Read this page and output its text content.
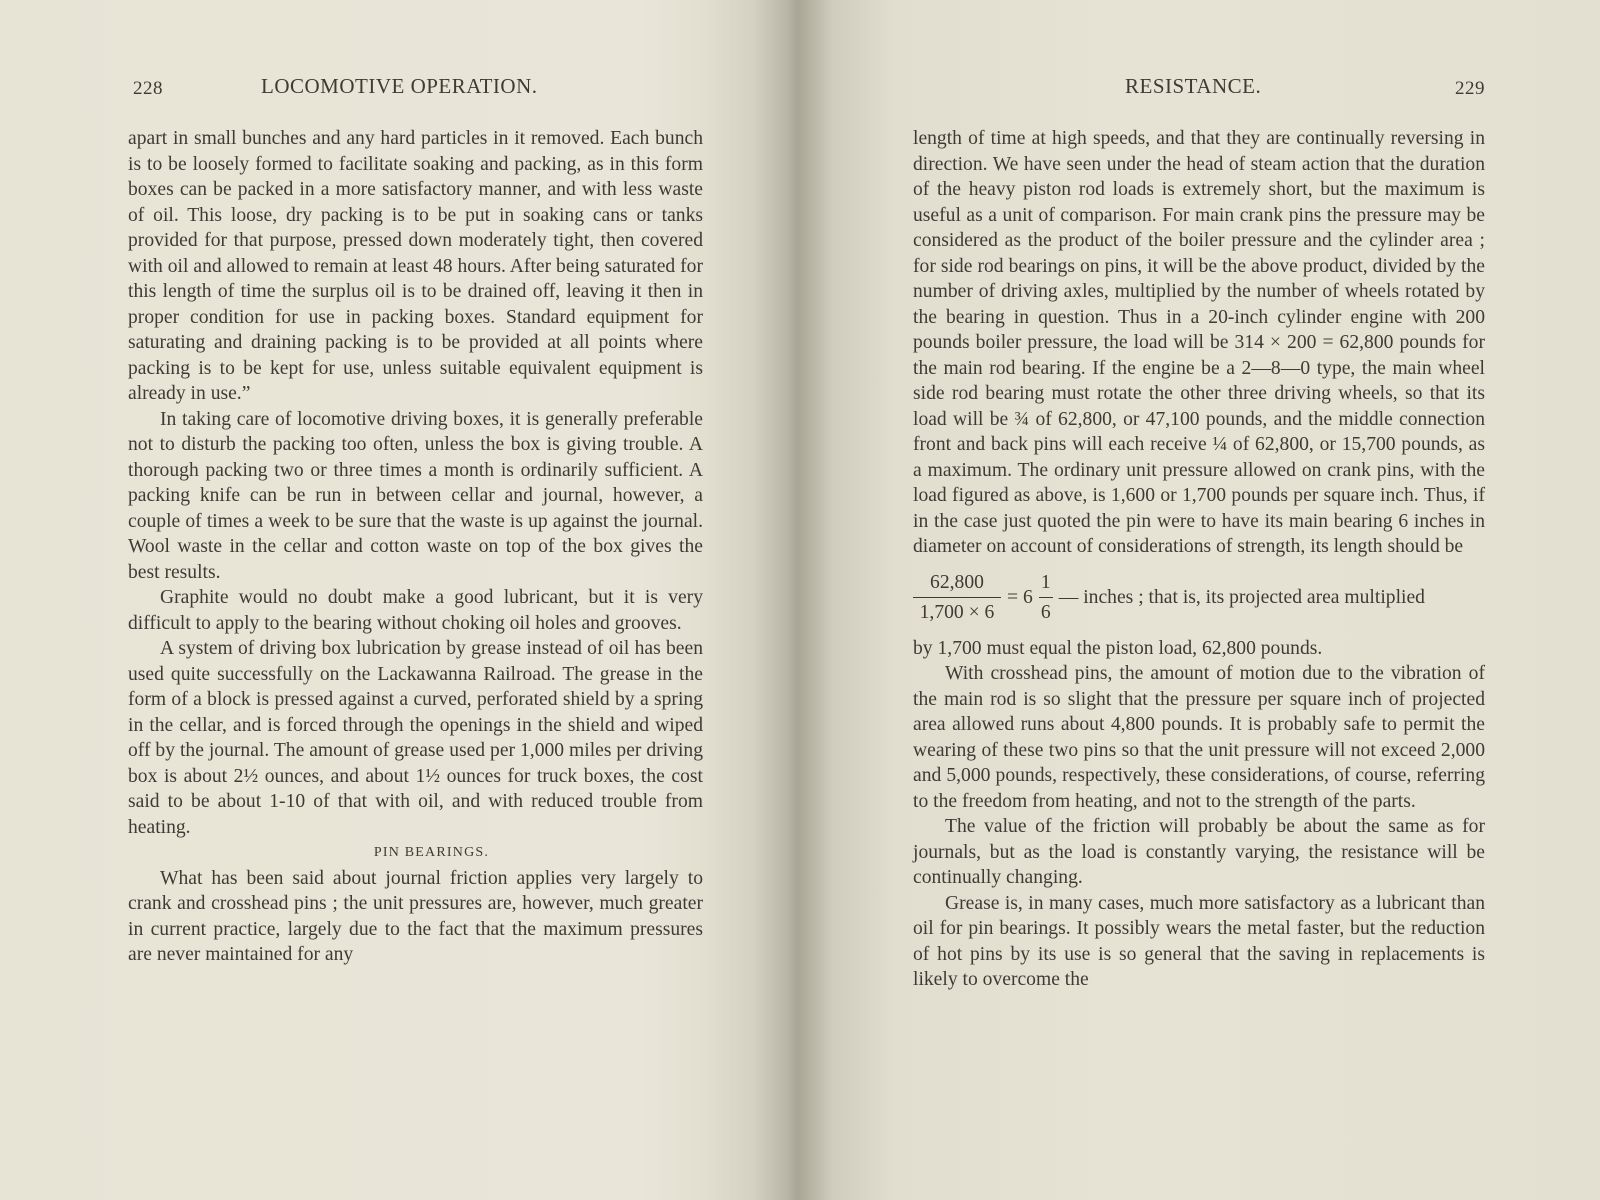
228	LOCOMOTIVE OPERATION.

apart in small bunches and any hard particles in it removed. Each bunch is to be loosely formed to facilitate soaking and packing, as in this form boxes can be packed in a more satisfactory manner, and with less waste of oil. This loose, dry packing is to be put in soaking cans or tanks provided for that purpose, pressed down moderately tight, then covered with oil and allowed to remain at least 48 hours. After being saturated for this length of time the surplus oil is to be drained off, leaving it then in proper condition for use in packing boxes. Standard equipment for saturating and draining packing is to be provided at all points where packing is to be kept for use, unless suitable equivalent equipment is already in use.”

In taking care of locomotive driving boxes, it is generally preferable not to disturb the packing too often, unless the box is giving trouble. A thorough packing two or three times a month is ordinarily sufficient. A packing knife can be run in between cellar and journal, however, a couple of times a week to be sure that the waste is up against the journal. Wool waste in the cellar and cotton waste on top of the box gives the best results.

Graphite would no doubt make a good lubricant, but it is very difficult to apply to the bearing without choking oil holes and grooves.

A system of driving box lubrication by grease instead of oil has been used quite successfully on the Lackawanna Railroad. The grease in the form of a block is pressed against a curved, perforated shield by a spring in the cellar, and is forced through the openings in the shield and wiped off by the journal. The amount of grease used per 1,000 miles per driving box is about 2½ ounces, and about 1½ ounces for truck boxes, the cost said to be about 1-10 of that with oil, and with reduced trouble from heating.

PIN BEARINGS.

What has been said about journal friction applies very largely to crank and crosshead pins ; the unit pressures are, however, much greater in current practice, largely due to the fact that the maximum pressures are never maintained for any

RESISTANCE.	229

length of time at high speeds, and that they are continually reversing in direction. We have seen under the head of steam action that the duration of the heavy piston rod loads is extremely short, but the maximum is useful as a unit of comparison. For main crank pins the pressure may be considered as the product of the boiler pressure and the cylinder area ; for side rod bearings on pins, it will be the above product, divided by the number of driving axles, multiplied by the number of wheels rotated by the bearing in question. Thus in a 20-inch cylinder engine with 200 pounds boiler pressure, the load will be 314 × 200 = 62,800 pounds for the main rod bearing. If the engine be a 2—8—0 type, the main wheel side rod bearing must rotate the other three driving wheels, so that its load will be ¾ of 62,800, or 47,100 pounds, and the middle connection front and back pins will each receive ¼ of 62,800, or 15,700 pounds, as a maximum. The ordinary unit pressure allowed on crank pins, with the load figured as above, is 1,600 or 1,700 pounds per square inch. Thus, if in the case just quoted the pin were to have its main bearing 6 inches in diameter on account of considerations of strength, its length should be

$\frac{62,800}{1,700 \times 6} = 6 \frac{1}{6}$ — inches ; that is, its projected area multiplied

by 1,700 must equal the piston load, 62,800 pounds.

With crosshead pins, the amount of motion due to the vibration of the main rod is so slight that the pressure per square inch of projected area allowed runs about 4,800 pounds. It is probably safe to permit the wearing of these two pins so that the unit pressure will not exceed 2,000 and 5,000 pounds, respectively, these considerations, of course, referring to the freedom from heating, and not to the strength of the parts.

The value of the friction will probably be about the same as for journals, but as the load is constantly varying, the resistance will be continually changing.

Grease is, in many cases, much more satisfactory as a lubricant than oil for pin bearings. It possibly wears the metal faster, but the reduction of hot pins by its use is so general that the saving in replacements is likely to overcome the
